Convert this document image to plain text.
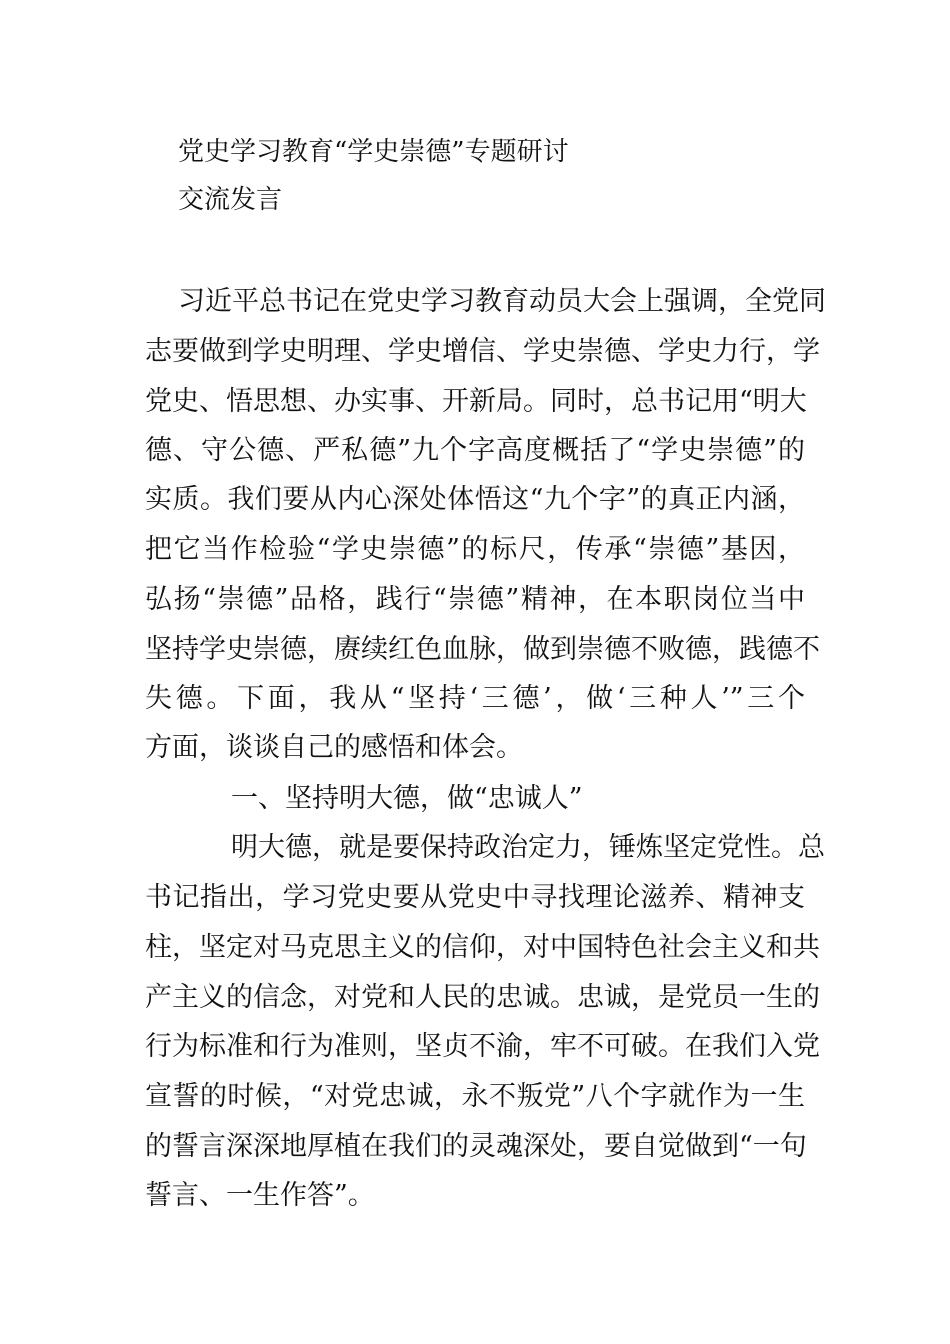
党史学习教育“学史崇德”专题研讨
交流发言
习近平总书记在党史学习教育动员大会上强调，全党同
志要做到学史明理、学史增信、学史崇德、学史力行，学
党史、悟思想、办实事、开新局。同时，总书记用“明大
德、守公德、严私德”九个字高度概括了“学史崇德”的
实质。我们要从内心深处体悟这“九个字”的真正内涵，
把它当作检验“学史崇德”的标尺，传承“崇德”基因，
弘扬“崇德”品格，践行“崇德”精神，在本职岗位当中
坚持学史崇德，赓续红色血脉，做到崇德不败德，践德不
失德。下面，我从“坚持‘三德’，做‘三种人’”三个
方面，谈谈自己的感悟和体会。
一、坚持明大德，做“忠诚人”
明大德，就是要保持政治定力，锤炼坚定党性。总
书记指出，学习党史要从党史中寻找理论滋养、精神支
柱，坚定对马克思主义的信仰，对中国特色社会主义和共
产主义的信念，对党和人民的忠诚。忠诚，是党员一生的
行为标准和行为准则，坚贞不渝，牢不可破。在我们入党
宣誓的时候，“对党忠诚，永不叛党”八个字就作为一生
的誓言深深地厚植在我们的灵魂深处，要自觉做到“一句
誓言、一生作答”。
